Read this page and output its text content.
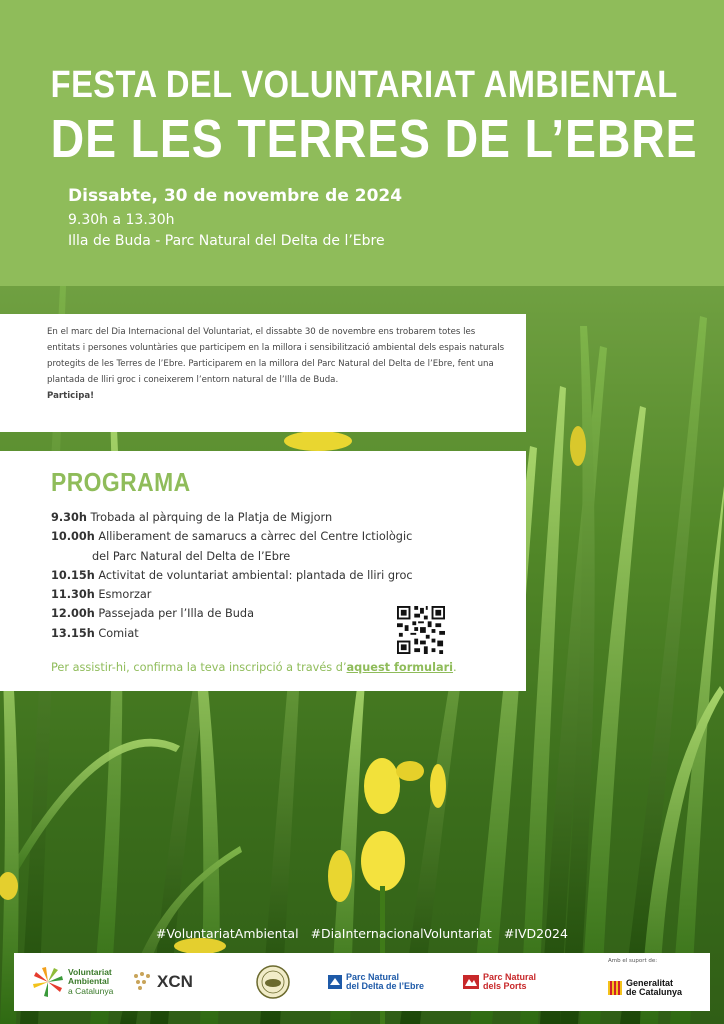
FESTA DEL VOLUNTARIAT AMBIENTAL
DE LES TERRES DE L’EBRE
Dissabte, 30 de novembre de 2024
9.30h a 13.30h
Illa de Buda - Parc Natural del Delta de l’Ebre

En el marc del Dia Internacional del Voluntariat, el dissabte 30 de novembre ens trobarem totes les entitats i persones voluntàries que participem en la millora i sensibilització ambiental dels espais naturals protegits de les Terres de l’Ebre. Participarem en la millora del Parc Natural del Delta de l’Ebre, fent una plantada de lliri groc i coneixerem l’entorn natural de l’Illa de Buda.

Participa!

PROGRAMA
9.30h Trobada al pàrquing de la Platja de Migjorn
10.00h Alliberament de samarucs a càrrec del Centre Ictiològic
del Parc Natural del Delta de l’Ebre
10.15h Activitat de voluntariat ambiental: plantada de lliri groc
11.30h Esmorzar
12.00h Passejada per l’Illa de Buda
13.15h Comiat
Per assistir-hi, confirma la teva inscripció a través d’aquest formulari.
#VoluntariatAmbiental #DiaInternacionalVoluntariat #IVD2024
Voluntariat
Ambiental
a Catalunya	XCN	Parc Natural
del Delta de l’Ebre
Parc Natural
dels Ports
Amb el suport de:
Generalitat
de Catalunya
